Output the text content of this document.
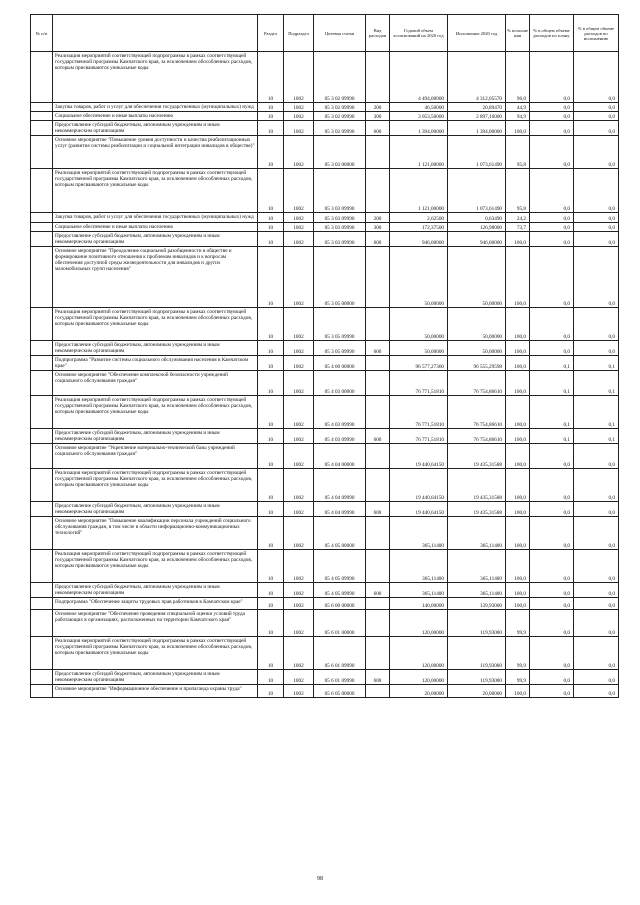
№ п/п		Раздел	Подраздел	Целевая статья	Вид расходов	Годовой объем ассигнований на 2020 год	Исполнение 2020 год	% исполне ния	% в общем объеме расходов по плану	% в общем объеме расходов по исполнению
	Реализация мероприятий соответствующей подпрограммы в рамках соответствующей государственной программы Камчатского края, за исключением обособленных расходов, которым присваиваются уникальные коды	10	1002	05 3 02 09990		4 494,00000	4 312,05570	96,0	0,0	0,0
	Закупка товаров, работ и услуг для обеспечения государственных (муниципальных) нужд	10	1002	05 3 02 09990	200	46,50000	20,89470	44,9	0,0	0,0
	Социальное обеспечение и иные выплаты населению	10	1002	05 3 02 09990	300	3 053,50000	2 897,16000	94,9	0,0	0,0
	Предоставление субсидий бюджетным, автономным учреждениям и иным некоммерческим организациям	10	1002	05 3 02 09990	600	1 394,00000	1 394,00000	100,0	0,0	0,0
	Основное мероприятие "Повышение уровня доступности и качества реабилитационных услуг (развитие системы реабилитации и социальной интеграции инвалидов в обществе)"	10	1002	05 3 03 00000		1 121,00000	1 073,61490	95,8	0,0	0,0
	Реализация мероприятий соответствующей подпрограммы в рамках соответствующей государственной программы Камчатского края, за исключением обособленных расходов, которым присваиваются уникальные коды	10	1002	05 3 03 09990		1 121,00000	1 073,61490	95,8	0,0	0,0
	Закупка товаров, работ и услуг для обеспечения государственных (муниципальных) нужд	10	1002	05 3 03 09990	200	2,62500	0,63490	24,2	0,0	0,0
	Социальное обеспечение и иные выплаты населению	10	1002	05 3 03 09990	300	172,37500	126,98000	73,7	0,0	0,0
	Предоставление субсидий бюджетным, автономным учреждениям и иным некоммерческим организациям	10	1002	05 3 03 09990	600	946,00000	946,00000	100,0	0,0	0,0
	Основное мероприятие "Преодоление социальной разобщенности в обществе и формирование позитивного отношения к проблемам инвалидов и к вопросам обеспечения доступной среды жизнедеятельности для инвалидов и других маломобильных групп населения"	10	1002	05 3 05 00000		50,00000	50,00000	100,0	0,0	0,0
	Реализация мероприятий соответствующей подпрограммы в рамках соответствующей государственной программы Камчатского края, за исключением обособленных расходов, которым присваиваются уникальные коды	10	1002	05 3 05 09990		50,00000	50,00000	100,0	0,0	0,0
	Предоставление субсидий бюджетным, автономным учреждениям и иным некоммерческим организациям	10	1002	05 3 05 09990	600	50,00000	50,00000	100,0	0,0	0,0
	Подпрограмма "Развитие системы социального обслуживания населения в Камчатском крае"	10	1002	05 4 00 00000		96 577,27360	96 555,29598	100,0	0,1	0,1
	Основное мероприятие "Обеспечение комплексной безопасности учреждений социального обслуживания граждан"	10	1002	05 4 03 00000		76 771,51810	76 754,86610	100,0	0,1	0,1
	Реализация мероприятий соответствующей подпрограммы в рамках соответствующей государственной программы Камчатского края, за исключением обособленных расходов, которым присваиваются уникальные коды	10	1002	05 4 03 09990		76 771,51810	76 754,86610	100,0	0,1	0,1
	Предоставление субсидий бюджетным, автономным учреждениям и иным некоммерческим организациям	10	1002	05 4 03 09990	600	76 771,51810	76 754,86610	100,0	0,1	0,1
	Основное мероприятие "Укрепление материально-технической базы учреждений социального обслуживания граждан"	10	1002	05 4 04 00000		19 440,64150	19 435,31588	100,0	0,0	0,0
	Реализация мероприятий соответствующей подпрограммы в рамках соответствующей государственной программы Камчатского края, за исключением обособленных расходов, которым присваиваются уникальные коды	10	1002	05 4 04 09990		19 440,64150	19 435,31588	100,0	0,0	0,0
	Предоставление субсидий бюджетным, автономным учреждениям и иным некоммерческим организациям	10	1002	05 4 04 09990	600	19 440,64150	19 435,31588	100,0	0,0	0,0
	Основное мероприятие "Повышение квалификации персонала учреждений социального обслуживания граждан, в том числе в области информационно-коммуникационных технологий"	10	1002	05 4 05 00000		365,11400	365,11400	100,0	0,0	0,0
	Реализация мероприятий соответствующей подпрограммы в рамках соответствующей государственной программы Камчатского края, за исключением обособленных расходов, которым присваиваются уникальные коды	10	1002	05 4 05 09990		365,11400	365,11400	100,0	0,0	0,0
	Предоставление субсидий бюджетным, автономным учреждениям и иным некоммерческим организациям	10	1002	05 4 05 09990	600	365,11400	365,11400	100,0	0,0	0,0
	Подпрограмма "Обеспечение защиты трудовых прав работников в Камчатском крае"	10	1002	05 6 00 00000		140,00000	139,93000	100,0	0,0	0,0
	Основное мероприятие "Обеспечение проведения специальной оценки условий труда работающих в организациях, расположенных на территории Камчатского края"	10	1002	05 6 01 00000		120,00000	119,93000	99,9	0,0	0,0
	Реализация мероприятий соответствующей подпрограммы в рамках соответствующей государственной программы Камчатского края, за исключением обособленных расходов, которым присваиваются уникальные коды	10	1002	05 6 01 09990		120,00000	119,93000	99,9	0,0	0,0
	Предоставление субсидий бюджетным, автономным учреждениям и иным некоммерческим организациям	10	1002	05 6 01 09990	600	120,00000	119,93000	99,9	0,0	0,0
	Основное мероприятие "Информационное обеспечение и пропаганда охраны труда"	10	1002	05 6 05 00000		20,00000	20,00000	100,0	0,0	0,0
98
